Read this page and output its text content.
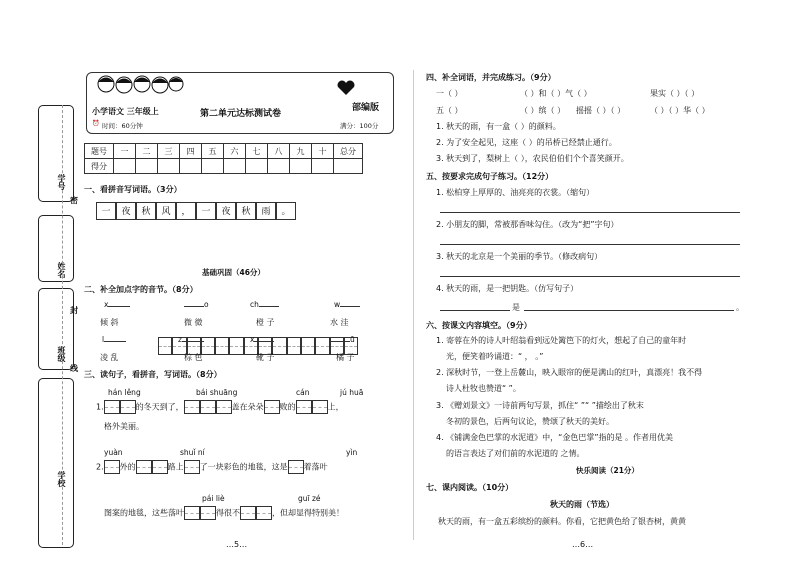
学号
姓名
班级
学校
密
封
线
小学语文 三年级上	第二单元达标测试卷
部编版
⏰ 时间：60分钟	满分：100分
题号	一	二	三	四	五	六	七	八	九	十	总分
得分											
一、看拼音写词语。（3分）
一 夜 秋 风 ， 一 夜 秋 雨 。
基础巩固（46分）
二、补全加点字的音节。（8分）
x	o	ch	w
倾 斜	微 微	橙 子	水 洼
l	z	x	ū
凌 乱	棕 色	靴 子	橘 子
三、读句子，看拼音，写词语。（8分）
hán lěng	bái shuāng	cán	jú huā
1.	的冬天到了，	盖在朵朵 败的	上，
格外美丽。
yuàn	shuǐ ní	yìn
2. 外的	路上 了一块彩色的地毯，这是 着落叶
pái liè	guī zé
图案的地毯，这些落叶	得很不	，但却显得特别美！
…5…
四、补全词语，并完成练习。（9分）
一（ ）	（ ）和（ ）气（ ）	果实（ ）（ ）
五（ ）	（ ）缤（ ） 摇摇（ ）（ ）	（ ）（ ）华（ ）
1. 秋天的雨，有一盒（ ）的颜料。
2. 为了安全起见，这座（ ）的吊桥已经禁止通行。
3. 秋天到了，梨树上（ ），农民伯伯们个个喜笑颜开。
五、按要求完成句子练习。（12分）
1. 松柏穿上厚厚的、油亮亮的衣裳。（缩句）
2. 小朋友的脚，常被那香味勾住。（改为“把”字句）
3. 秋天的北京是一个美丽的季节。（修改病句）
4. 秋天的雨，是一把钥匙。（仿写句子）
是	。
六、按课文内容填空。（9分）
1. 寄蓉在外的诗人叶绍翁看到远处篱笆下的灯火，想起了自己的童年时
光，便笑着吟诵道：“ ， 。”
2. 深秋时节，一登上岳麓山，映入眼帘的便是满山的红叶，真漂亮！我不得
诗人杜牧也赞道“ ”。
3. 《赠刘景文》一诗前两句写景，抓住“ ”“ ”描绘出了秋末
冬初的景色，后两句议论，赞颂了秋天的美好。
4. 《铺满金色巴掌的水泥道》中，“金色巴掌”指的是 。作者用优美
的语言表达了对们前的水泥道的 之情。
快乐阅读（21分）
七、课内阅读。（10分）
秋天的雨（节选）
秋天的雨，有一盒五彩缤纷的颜料。你看，它把黄色给了银杏树，黄黄
…6…
